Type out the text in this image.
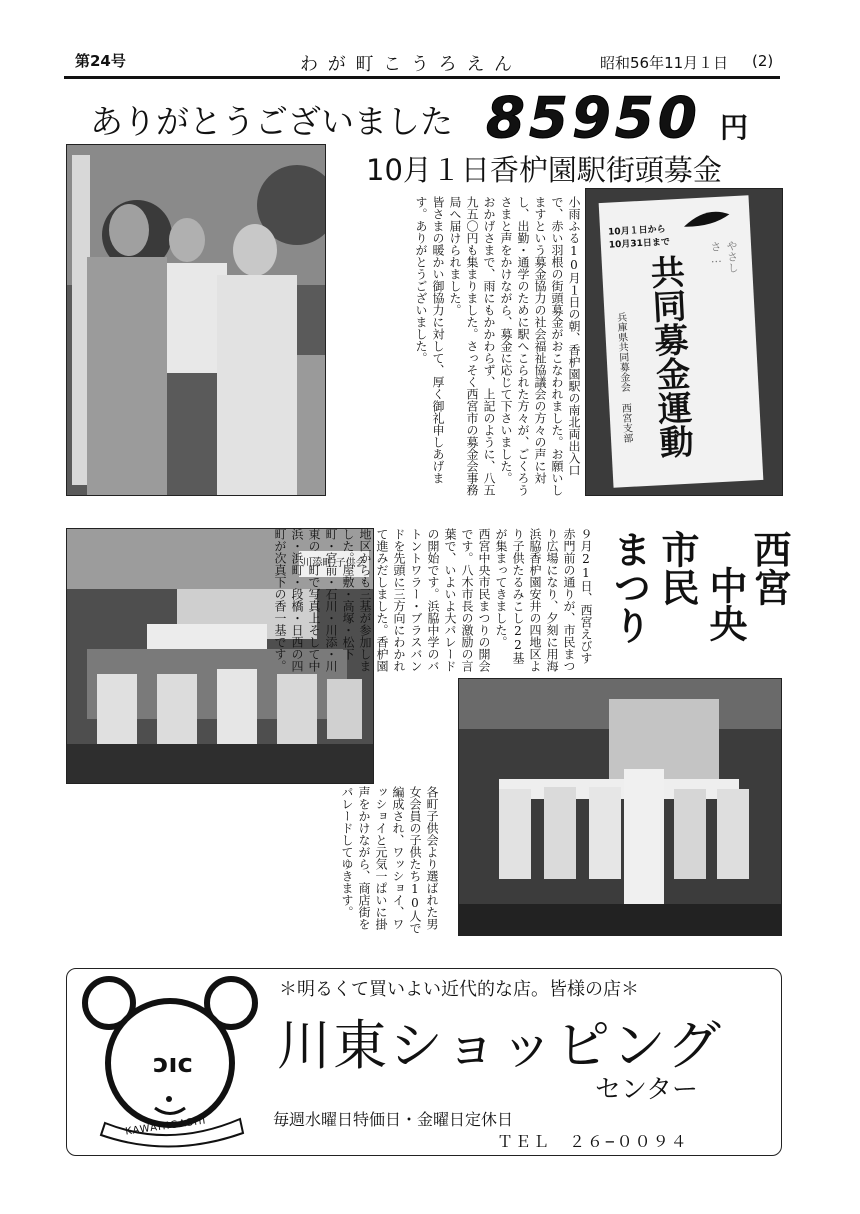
第24号	わ が 町 こ う ろ え ん	昭和56年11月１日 (2)
ありがとうございました 85950 円
10月１日香枦園駅街頭募金
小雨ふる10月１日の朝、香枦園駅の南北両出入口で、赤い羽根の街頭募金がおこなわれました。お願いしますという募金協力の社会福祉協議会の方々の声に対し、出勤・通学のために駅へこられた方々が、ごくろうさまと声をかけながら、募金に応じて下さいました。
おかげさまで、雨にもかかわらず、上記のように、八五九五〇円も集まりました。さっそく西宮市の募金会事務局へ届けられました。
皆さまの暖かい御協力に対して、厚く御礼申しあげます。ありがとうございました。	10月１日から10月31日まで	やさしさ…
共同募金運動
兵庫県共同募金会 西宮支部
川添町 子供会	西宮
中央
市民
まつり
９月21日、西宮えびす赤門前の通りが、市民まつり広場になり、夕刻に用海浜脇香枦園安井の四地区より子供たるみこし22基が集まってきました。
西宮中央市民まつりの開会です。八木市長の激励の言葉で、いよいよ大パレードの開始です。浜脇中学のバトントワラー・ブラスバンドを先頭に三方向にわかれて進みだしました。香枦園地区からも三基が参加しました。屋敷・高塚・松下町・宮前・石川・川添・川東の一町で写真上そして中浜・浜町・段橋・日西の四町が次真下の香一基です。
各町子供会より選ばれた男女会員の子供たち10人で編成され、ワッショイ、ワッショイと元気一ぱいに掛声をかけながら、商店街をパレードしてゆきます。
ɔıc
KAWAHIGASHI
＊明るくて買いよい近代的な店。皆様の店＊
川東ショッピング
センター
毎週水曜日特価日・金曜日定休日
ＴＥＬ　２６−００９４
